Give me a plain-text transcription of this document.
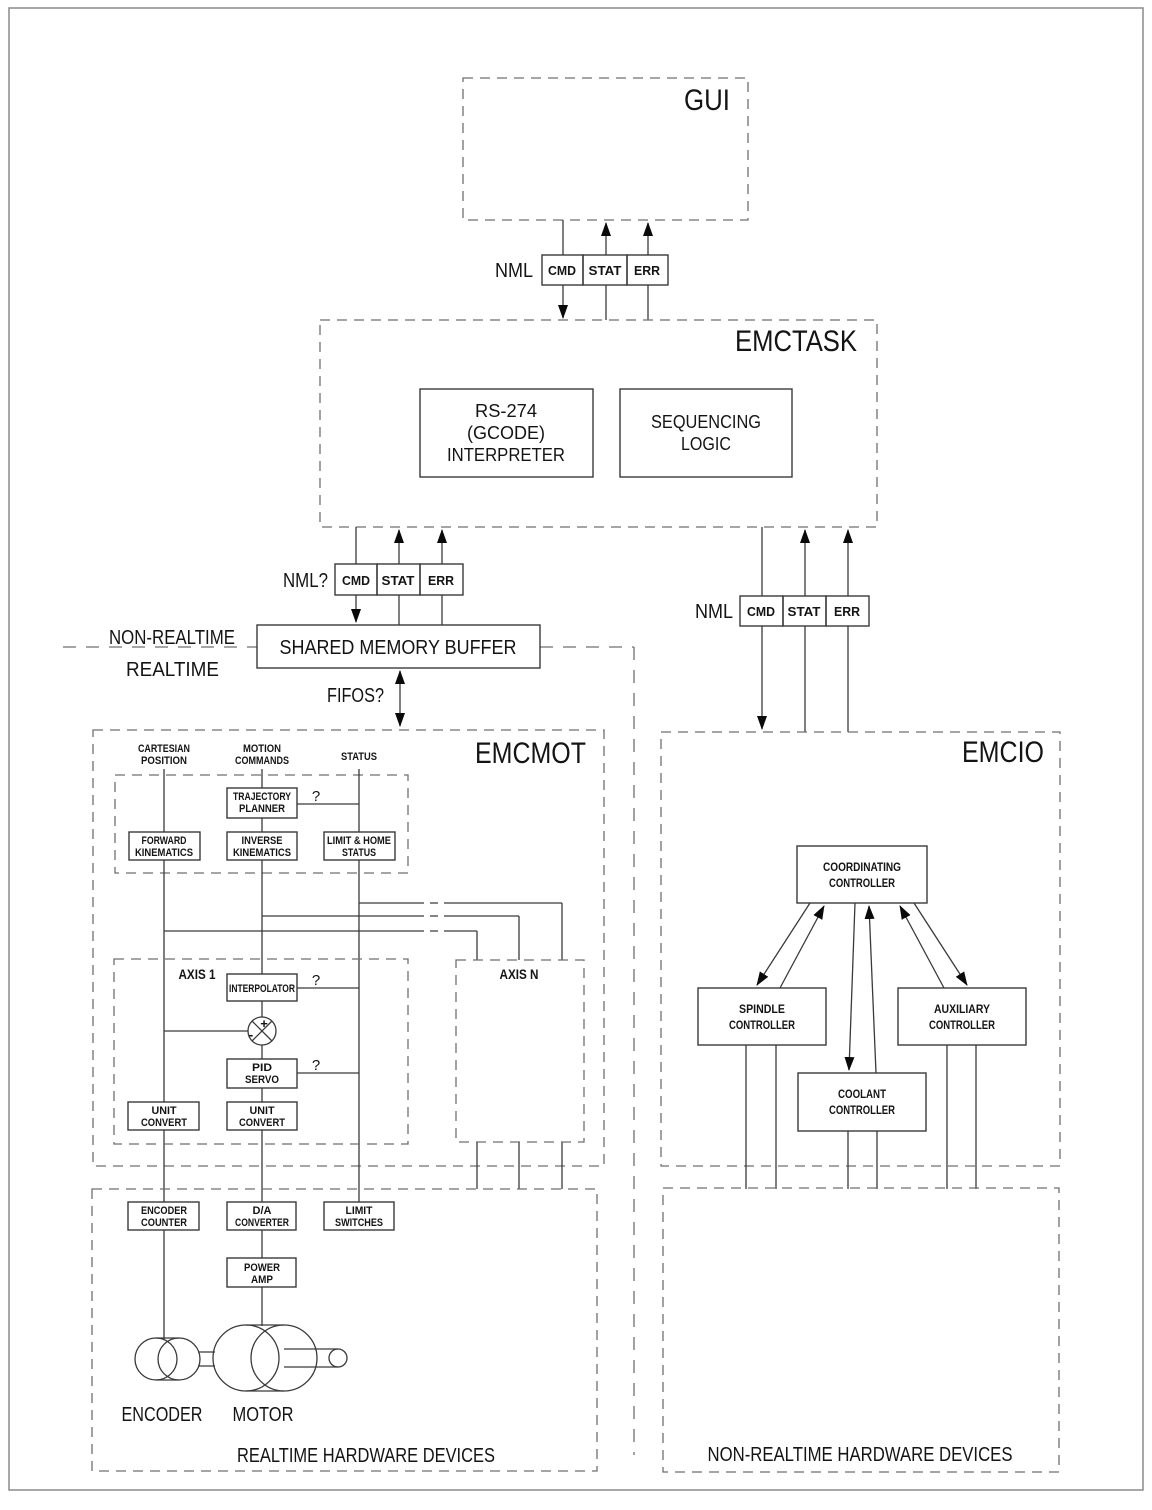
GUI
NML CMD STAT ERR
EMCTASK
RS-274
(GCODE)
INTERPRETER
SEQUENCING
LOGIC
NML? CMD STAT ERR
NML CMD STAT ERR
NON-REALTIME
REALTIME
SHARED MEMORY BUFFER
FIFOS?
EMCMOT
CARTESIAN
POSITION
MOTION
COMMANDS	STATUS
TRAJECTORY
PLANNER
?
FORWARD
KINEMATICS
INVERSE
KINEMATICS
LIMIT & HOME
STATUS
AXIS 1
INTERPOLATOR ?
+
-
PID
SERVO
?
UNIT
CONVERT
UNIT
CONVERT
AXIS N
EMCIO
COORDINATING
CONTROLLER
SPINDLE
CONTROLLER
AUXILIARY
CONTROLLER
COOLANT
CONTROLLER
REALTIME HARDWARE DEVICES
ENCODER
COUNTER
D/A
CONVERTER
LIMIT
SWITCHES
POWER
AMP
ENCODER MOTOR
NON-REALTIME HARDWARE DEVICES
